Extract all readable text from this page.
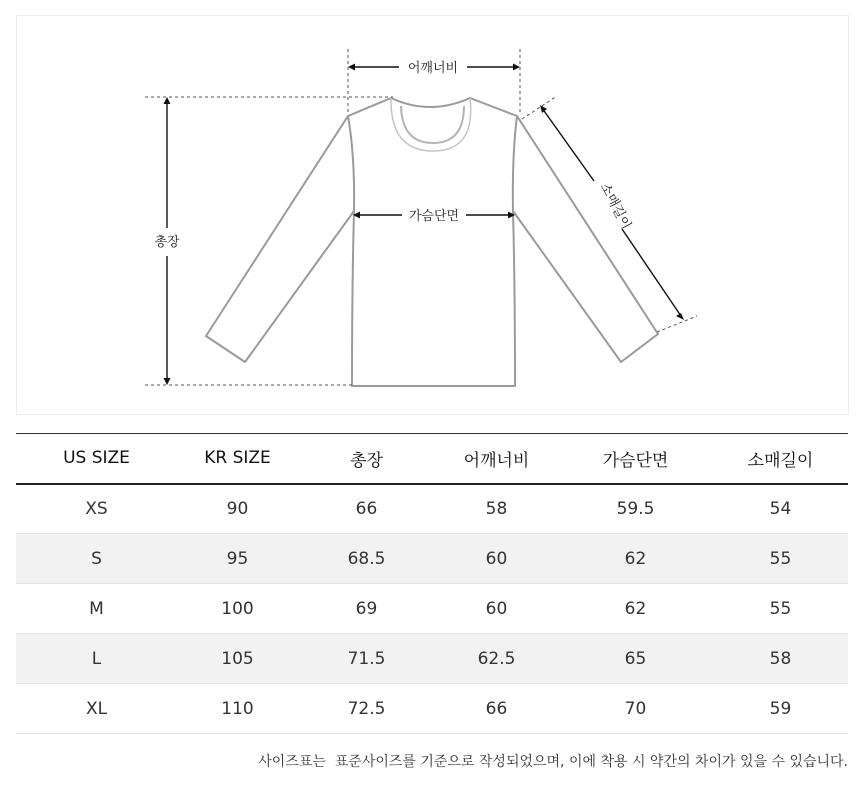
어깨너비
가슴단면
총장
소매길이
US SIZE	KR SIZE	총장	어깨너비	가슴단면	소매길이
XS	90	66	58	59.5	54
S	95	68.5	60	62	55
M	100	69	60	62	55
L	105	71.5	62.5	65	58
XL	110	72.5	66	70	59
사이즈표는  표준사이즈를 기준으로 작성되었으며, 이에 착용 시 약간의 차이가 있을 수 있습니다.
